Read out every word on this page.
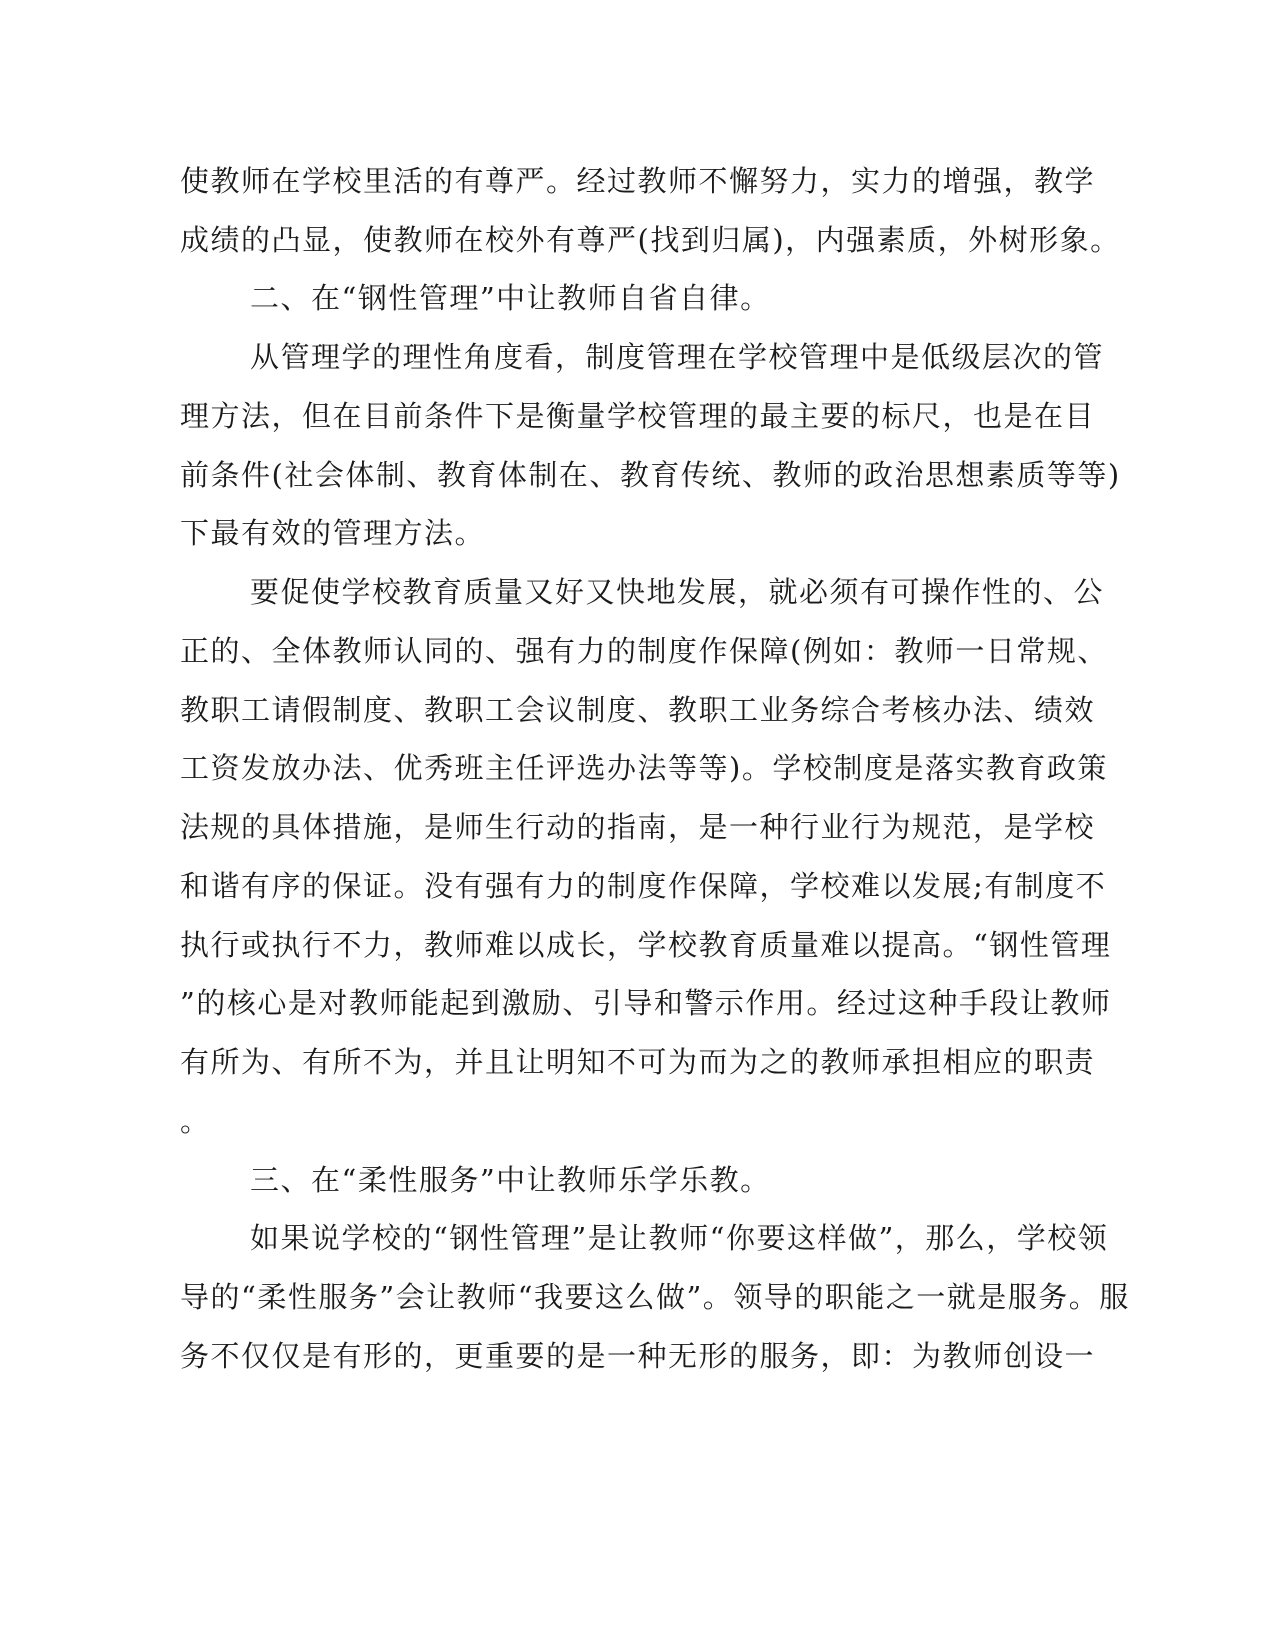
使教师在学校里活的有尊严。经过教师不懈努力，实力的增强，教学
成绩的凸显，使教师在校外有尊严(找到归属)，内强素质，外树形象。
二、在“钢性管理”中让教师自省自律。
从管理学的理性角度看，制度管理在学校管理中是低级层次的管
理方法，但在目前条件下是衡量学校管理的最主要的标尺，也是在目
前条件(社会体制、教育体制在、教育传统、教师的政治思想素质等等)
下最有效的管理方法。
要促使学校教育质量又好又快地发展，就必须有可操作性的、公
正的、全体教师认同的、强有力的制度作保障(例如：教师一日常规、
教职工请假制度、教职工会议制度、教职工业务综合考核办法、绩效
工资发放办法、优秀班主任评选办法等等)。学校制度是落实教育政策
法规的具体措施，是师生行动的指南，是一种行业行为规范，是学校
和谐有序的保证。没有强有力的制度作保障，学校难以发展;有制度不
执行或执行不力，教师难以成长，学校教育质量难以提高。“钢性管理
”的核心是对教师能起到激励、引导和警示作用。经过这种手段让教师
有所为、有所不为，并且让明知不可为而为之的教师承担相应的职责
。
三、在“柔性服务”中让教师乐学乐教。
如果说学校的“钢性管理”是让教师“你要这样做”，那么，学校领
导的“柔性服务”会让教师“我要这么做”。领导的职能之一就是服务。服
务不仅仅是有形的，更重要的是一种无形的服务，即：为教师创设一
